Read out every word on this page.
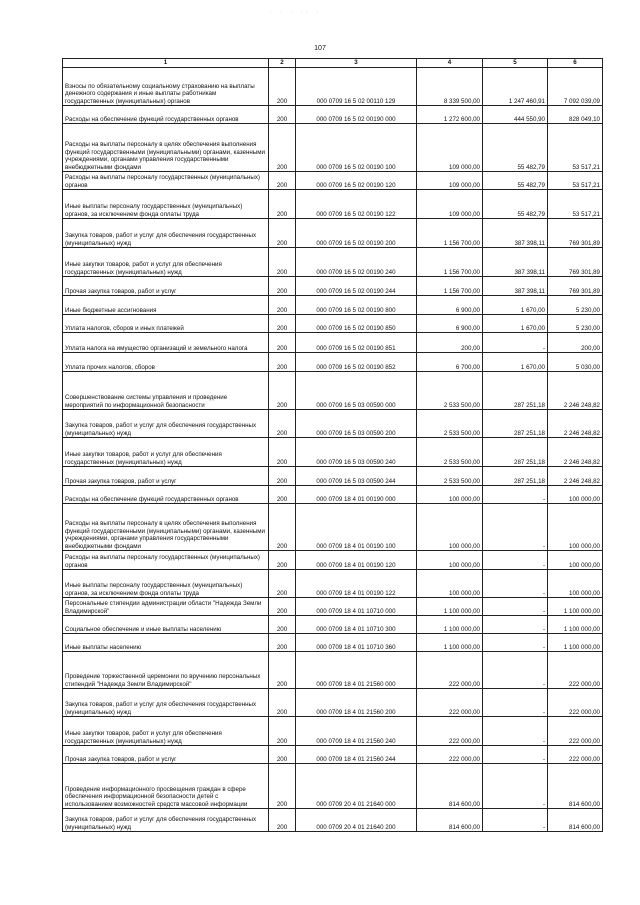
˙ ˙ ˙ ˙˙ ˙
107
1	2	3	4	5	6
Взносы по обязательному социальному страхованию на выплаты денежного содержания и иные выплаты работникам государственных (муниципальных) органов	200	000 0709 16 5 02 00110 129	8 339 500,00	1 247 460,91	7 092 039,09
Расходы на обеспечение функций государственных органов	200	000 0709 16 5 02 00190 000	1 272 600,00	444 550,90	828 049,10
Расходы на выплаты персоналу в целях обеспечения выполнения функций государственными (муниципальными) органами, казенными учреждениями, органами управления государственными внебюджетными фондами	200	000 0709 16 5 02 00190 100	109 000,00	55 482,79	53 517,21
Расходы на выплаты персоналу государственных (муниципальных) органов	200	000 0709 16 5 02 00190 120	109 000,00	55 482,79	53 517,21
Иные выплаты персоналу государственных (муниципальных) органов, за исключением фонда оплаты труда	200	000 0709 16 5 02 00190 122	109 000,00	55 482,79	53 517,21
Закупка товаров, работ и услуг для обеспечения государственных (муниципальных) нужд	200	000 0709 16 5 02 00190 200	1 156 700,00	387 398,11	769 301,89
Иные закупки товаров, работ и услуг для обеспечения государственных (муниципальных) нужд	200	000 0709 16 5 02 00190 240	1 156 700,00	387 398,11	769 301,89
Прочая закупка товаров, работ и услуг	200	000 0709 16 5 02 00190 244	1 156 700,00	387 398,11	769 301,89
Иные бюджетные ассигнования	200	000 0709 16 5 02 00190 800	6 900,00	1 670,00	5 230,00
Уплата налогов, сборов и иных платежей	200	000 0709 16 5 02 00190 850	6 900,00	1 670,00	5 230,00
Уплата налога на имущество организаций и земельного налога	200	000 0709 16 5 02 00190 851	200,00	-	200,00
Уплата прочих налогов, сборов	200	000 0709 16 5 02 00190 852	6 700,00	1 670,00	5 030,00
Совершенствование системы управления и проведение мероприятий по информационной безопасности	200	000 0709 16 5 03 00590 000	2 533 500,00	287 251,18	2 246 248,82
Закупка товаров, работ и услуг для обеспечения государственных (муниципальных) нужд	200	000 0709 16 5 03 00590 200	2 533 500,00	287 251,18	2 246 248,82
Иные закупки товаров, работ и услуг для обеспечения государственных (муниципальных) нужд	200	000 0709 16 5 03 00590 240	2 533 500,00	287 251,18	2 246 248,82
Прочая закупка товаров, работ и услуг	200	000 0709 16 5 03 00590 244	2 533 500,00	287 251,18	2 246 248,82
Расходы на обеспечение функций государственных органов	200	000 0709 18 4 01 00190 000	100 000,00	-	100 000,00
Расходы на выплаты персоналу в целях обеспечения выполнения функций государственными (муниципальными) органами, казенными учреждениями, органами управления государственными внебюджетными фондами	200	000 0709 18 4 01 00190 100	100 000,00	-	100 000,00
Расходы на выплаты персоналу государственных (муниципальных) органов	200	000 0709 18 4 01 00190 120	100 000,00	-	100 000,00
Иные выплаты персоналу государственных (муниципальных) органов, за исключением фонда оплаты труда	200	000 0709 18 4 01 00190 122	100 000,00	-	100 000,00
Персональные стипендии администрации области "Надежда Земли Владимирской"	200	000 0709 18 4 01 10710 000	1 100 000,00	-	1 100 000,00
Социальное обеспечение и иные выплаты населению	200	000 0709 18 4 01 10710 300	1 100 000,00	-	1 100 000,00
Иные выплаты населению	200	000 0709 18 4 01 10710 360	1 100 000,00	-	1 100 000,00
Проведение торжественной церемонии по вручению персональных стипендий "Надежда Земли Владимирской"	200	000 0709 18 4 01 21560 000	222 000,00	-	222 000,00
Закупка товаров, работ и услуг для обеспечения государственных (муниципальных) нужд	200	000 0709 18 4 01 21560 200	222 000,00	-	222 000,00
Иные закупки товаров, работ и услуг для обеспечения государственных (муниципальных) нужд	200	000 0709 18 4 01 21560 240	222 000,00	-	222 000,00
Прочая закупка товаров, работ и услуг	200	000 0709 18 4 01 21560 244	222 000,00	-	222 000,00
Проведение информационного просвещения граждан в сфере обеспечения информационной безопасности детей с использованием возможностей средств массовой информации	200	000 0709 20 4 01 21640 000	814 600,00	-	814 600,00
Закупка товаров, работ и услуг для обеспечения государственных (муниципальных) нужд	200	000 0709 20 4 01 21640 200	814 600,00	-	814 600,00
